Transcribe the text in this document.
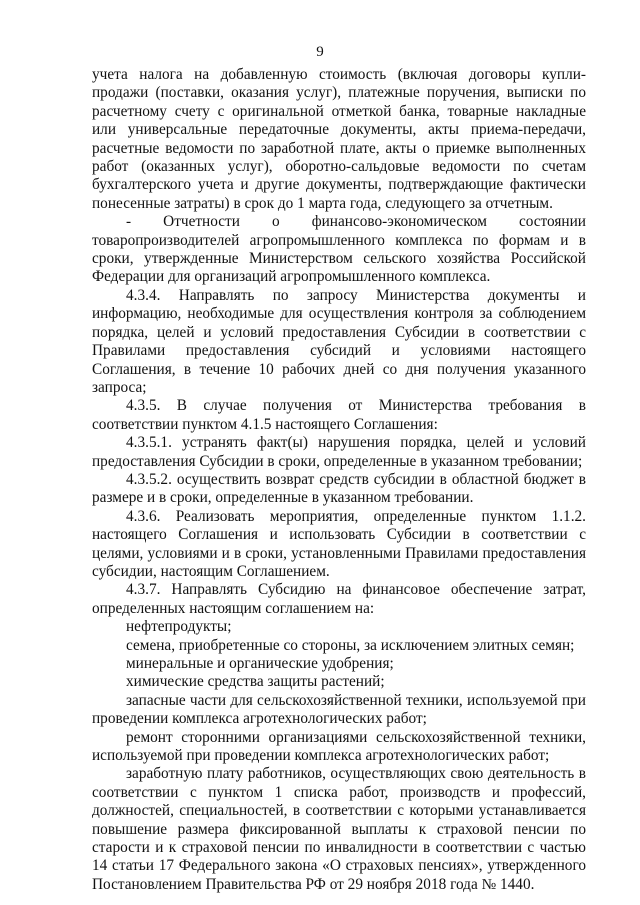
9

учета налога на добавленную стоимость (включая договоры купли- продажи (поставки, оказания услуг), платежные поручения, выписки по расчетному счету с оригинальной отметкой банка, товарные накладные или универсальные передаточные документы, акты приема-передачи, расчетные ведомости по заработной плате, акты о приемке выполненных работ (оказанных услуг), оборотно-сальдовые ведомости по счетам бухгалтерского учета и другие документы, подтверждающие фактически понесенные затраты) в срок до 1 марта года, следующего за отчетным.

- Отчетности о финансово-экономическом состоянии товаропроизводителей агропромышленного комплекса по формам и в сроки, утвержденные Министерством сельского хозяйства Российской Федерации для организаций агропромышленного комплекса.

4.3.4. Направлять по запросу Министерства документы и информацию, необходимые для осуществления контроля за соблюдением порядка, целей и условий предоставления Субсидии в соответствии с Правилами предоставления субсидий и условиями настоящего Соглашения, в течение 10 рабочих дней со дня получения указанного запроса;

4.3.5. В случае получения от Министерства требования в соответствии пунктом 4.1.5 настоящего Соглашения:

4.3.5.1. устранять факт(ы) нарушения порядка, целей и условий предоставления Субсидии в сроки, определенные в указанном требовании;

4.3.5.2. осуществить возврат средств субсидии в областной бюджет в размере и в сроки, определенные в указанном требовании.

4.3.6. Реализовать мероприятия, определенные пунктом 1.1.2. настоящего Соглашения и использовать Субсидии в соответствии с целями, условиями и в сроки, установленными Правилами предоставления субсидии, настоящим Соглашением.

4.3.7. Направлять Субсидию на финансовое обеспечение затрат, определенных настоящим соглашением на:

нефтепродукты;

семена, приобретенные со стороны, за исключением элитных семян;

минеральные и органические удобрения;

химические средства защиты растений;

запасные части для сельскохозяйственной техники, используемой при проведении комплекса агротехнологических работ;

ремонт сторонними организациями сельскохозяйственной техники, используемой при проведении комплекса агротехнологических работ;

заработную плату работников, осуществляющих свою деятельность в соответствии с пунктом 1 списка работ, производств и профессий, должностей, специальностей, в соответствии с которыми устанавливается повышение размера фиксированной выплаты к страховой пенсии по старости и к страховой пенсии по инвалидности в соответствии с частью 14 статьи 17 Федерального закона «О страховых пенсиях», утвержденного Постановлением Правительства РФ от 29 ноября 2018 года № 1440.
